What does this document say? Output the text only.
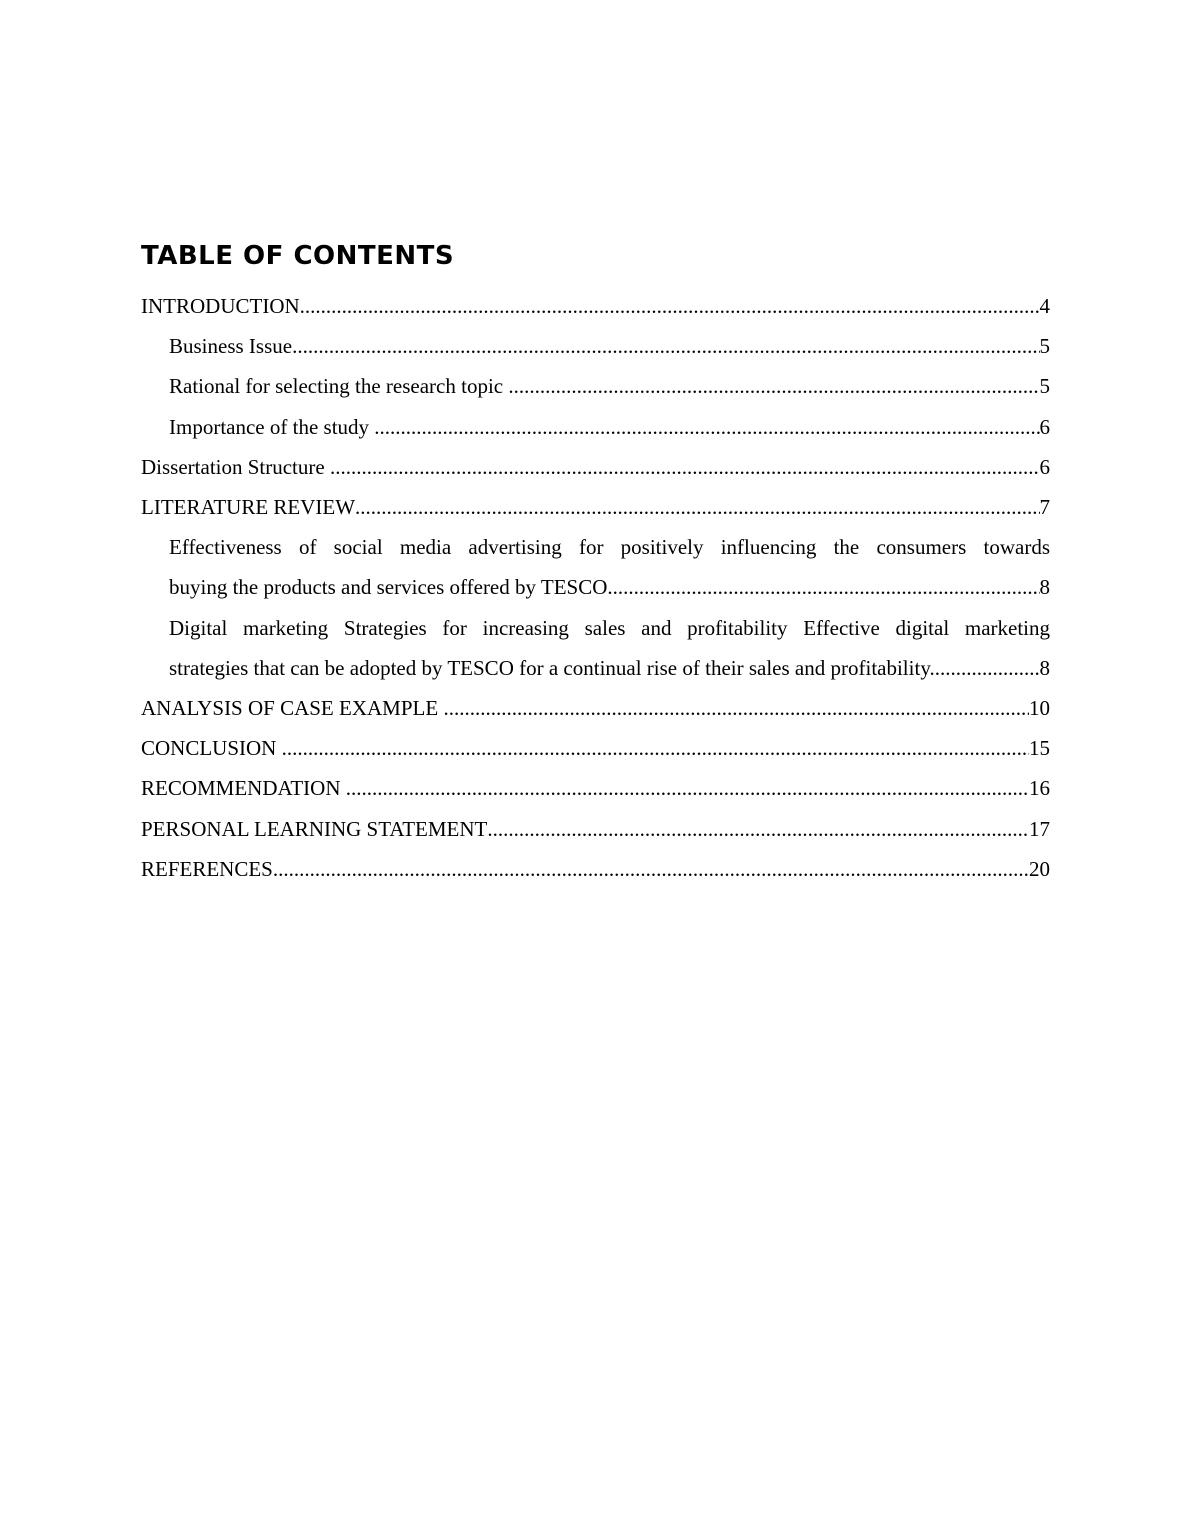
TABLE OF CONTENTS
INTRODUCTION .....	4
Business Issue .....	5
Rational for selecting the research topic .....	5
Importance of the study .....	6
Dissertation Structure .....	6
LITERATURE REVIEW .....	7
Effectiveness of social media advertising for positively influencing the consumers towards
buying the products and services offered by TESCO .....	8
Digital marketing Strategies for increasing sales and profitability Effective digital marketing
strategies that can be adopted by TESCO for a continual rise of their sales and profitability. .....	8
ANALYSIS OF CASE EXAMPLE .....	10
CONCLUSION .....	15
RECOMMENDATION .....	16
PERSONAL LEARNING STATEMENT .....	17
REFERENCES .....	20
